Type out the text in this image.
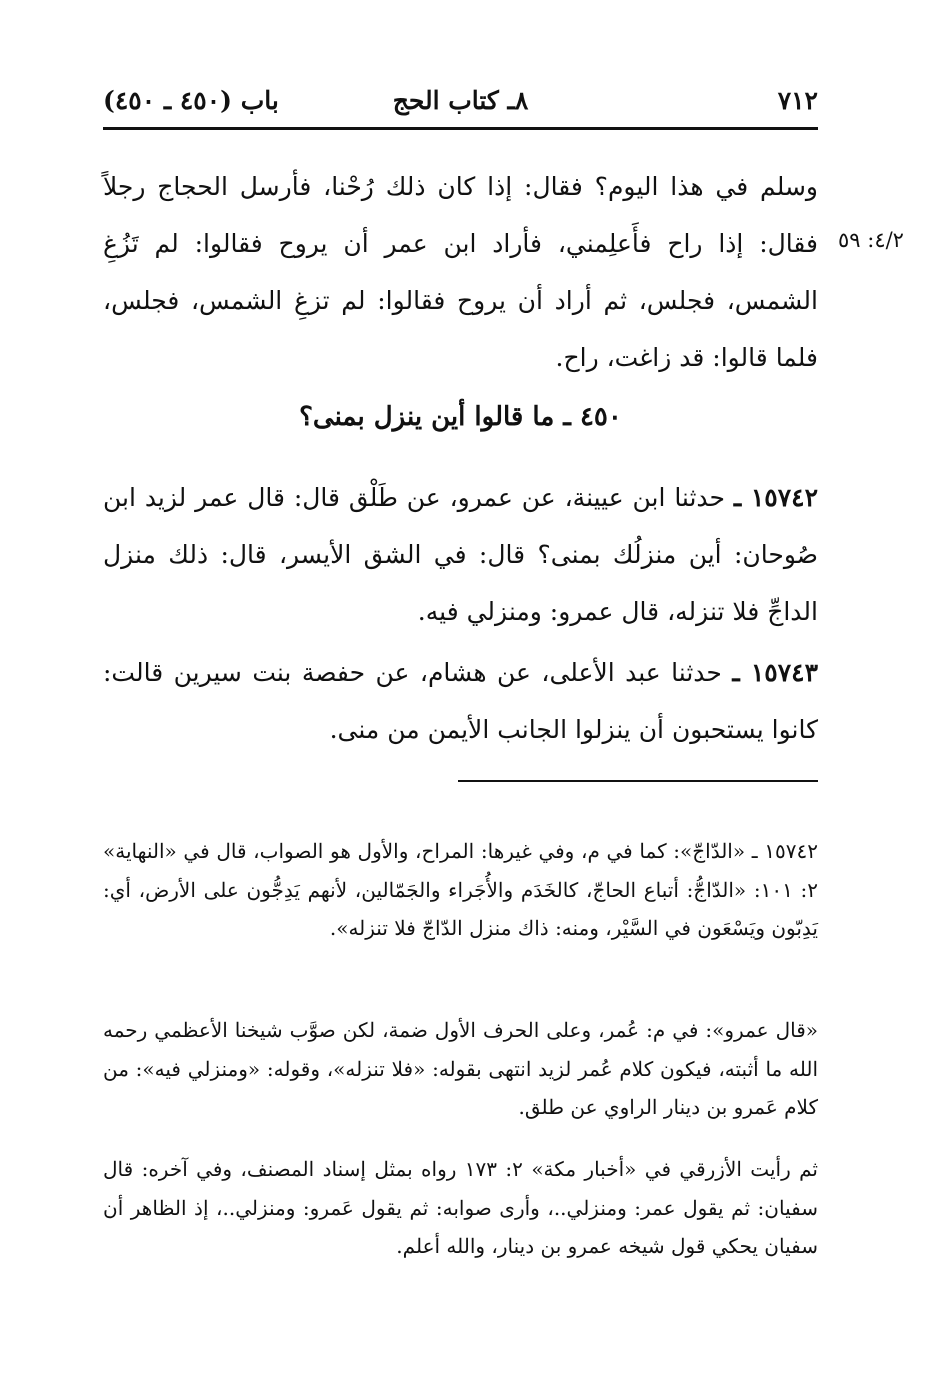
٧١٢
٨ـ كتاب الحج
باب (٤٥٠ ـ ٤٥٠)
٤/٢: ٥٩

وسلم في هذا اليوم؟ فقال: إذا كان ذلك رُحْنا، فأرسل الحجاج رجلاً فقال: إذا راح فأَعلِمني، فأراد ابن عمر أن يروح فقالوا: لم تَزُغِ الشمس، فجلس، ثم أراد أن يروح فقالوا: لم تزغِ الشمس، فجلس، فلما قالوا: قد زاغت، راح.

٤٥٠ ـ ما قالوا أين ينزل بمنى؟

١٥٧٤٢ ـ حدثنا ابن عيينة، عن عمرو، عن طَلْق قال: قال عمر لزيد ابن صُوحان: أين منزلُك بمنى؟ قال: في الشق الأيسر، قال: ذلك منزل الداجِّ فلا تنزله، قال عمرو: ومنزلي فيه.

١٥٧٤٣ ـ حدثنا عبد الأعلى، عن هشام، عن حفصة بنت سيرين قالت: كانوا يستحبون أن ينزلوا الجانب الأيمن من منى.

١٥٧٤٢ ـ «الدّاجّ»: كما في م، وفي غيرها: المراح، والأول هو الصواب، قال في «النهاية» ٢: ١٠١: «الدّاجُّ: أتباع الحاجّ، كالخَدَم والأُجَراء والجَمّالين، لأنهم يَدِجُّون على الأرض، أي: يَدِبّون ويَسْعَون في السَّيْر، ومنه: ذاك منزل الدّاجّ فلا تنزله».

«قال عمرو»: في م: عُمر، وعلى الحرف الأول ضمة، لكن صوَّب شيخنا الأعظمي رحمه الله ما أثبته، فيكون كلام عُمر لزيد انتهى بقوله: «فلا تنزله»، وقوله: «ومنزلي فيه»: من كلام عَمرو بن دينار الراوي عن طلق.

ثم رأيت الأزرقي في «أخبار مكة» ٢: ١٧٣ رواه بمثل إسناد المصنف، وفي آخره: قال سفيان: ثم يقول عمر: ومنزلي..، وأرى صوابه: ثم يقول عَمرو: ومنزلي..، إذ الظاهر أن سفيان يحكي قول شيخه عمرو بن دينار، والله أعلم.
